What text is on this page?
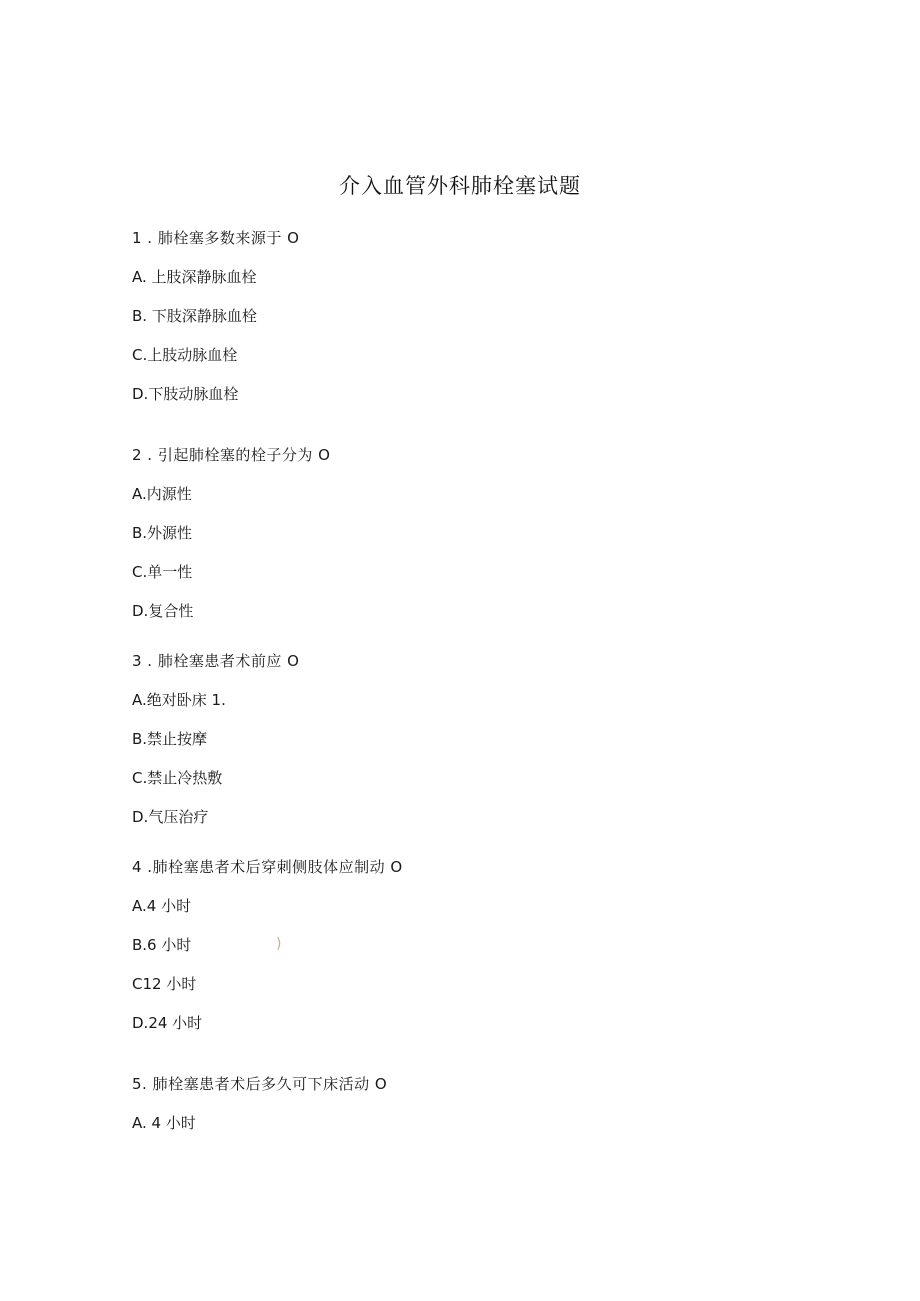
介入血管外科肺栓塞试题
1 . 肺栓塞多数来源于 O
A. 上肢深静脉血栓
B. 下肢深静脉血栓
C.上肢动脉血栓
D.下肢动脉血栓
2 . 引起肺栓塞的栓子分为 O
A.内源性
B.外源性
C.单一性
D.复合性
3 . 肺栓塞患者术前应 O
A.绝对卧床 1.
B.禁止按摩
C.禁止冷热敷
D.气压治疗
4 .肺栓塞患者术后穿刺侧肢体应制动 O
A.4 小时
B.6 小时	)
C12 小时
D.24 小时
5. 肺栓塞患者术后多久可下床活动 O
A. 4 小时
